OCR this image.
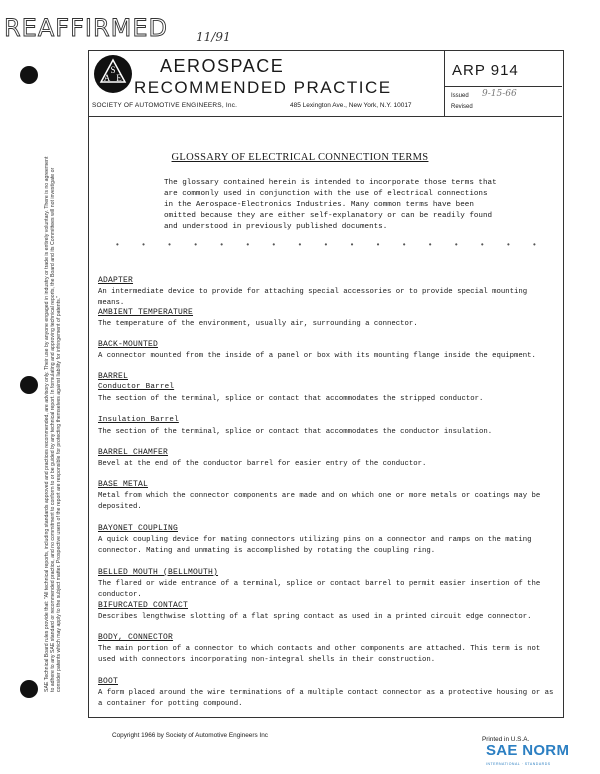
REAFFIRMED 11/91
SAE Technical Board rules provide that: "All technical reports, including standards approved and practices recommended, are advisory only. Their use by anyone engaged in industry or trade is entirely voluntary. There is no agreement to adhere to any SAE standard or recommended practice, and no commitment to conform to or be guided by any technical report. In formulating and approving technical reports, the Board and its Committees will not investigate or consider patents which may apply to the subject matter. Prospective users of the report are responsible for protecting themselves against liability for infringement of patents."
S
A E
AEROSPACE
RECOMMENDED PRACTICE
SOCIETY OF AUTOMOTIVE ENGINEERS, Inc.	485 Lexington Ave., New York, N.Y. 10017
ARP 914
Issued 9-15-66
Revised
GLOSSARY OF ELECTRICAL CONNECTION TERMS
The glossary contained herein is intended to incorporate those terms that are commonly used in conjunction with the use of electrical connections in the Aerospace-Electronics Industries. Many common terms have been omitted because they are either self-explanatory or can be readily found and understood in previously published documents.
•	•	•	•	•	•	•	•	•	•	•	•	•	•	•	•	•
ADAPTER
An intermediate device to provide for attaching special accessories or to provide special mounting means.
AMBIENT TEMPERATURE
The temperature of the environment, usually air, surrounding a connector.
BACK-MOUNTED
A connector mounted from the inside of a panel or box with its mounting flange inside the equipment.
BARREL
Conductor Barrel
The section of the terminal, splice or contact that accommodates the stripped conductor.
Insulation Barrel
The section of the terminal, splice or contact that accommodates the conductor insulation.
BARREL CHAMFER
Bevel at the end of the conductor barrel for easier entry of the conductor.
BASE METAL
Metal from which the connector components are made and on which one or more metals or coatings may be deposited.
BAYONET COUPLING
A quick coupling device for mating connectors utilizing pins on a connector and ramps on the mating connector. Mating and unmating is accomplished by rotating the coupling ring.
BELLED MOUTH (BELLMOUTH)
The flared or wide entrance of a terminal, splice or contact barrel to permit easier insertion of the conductor.
BIFURCATED CONTACT
Describes lengthwise slotting of a flat spring contact as used in a printed circuit edge connector.
BODY, CONNECTOR
The main portion of a connector to which contacts and other components are attached. This term is not used with connectors incorporating non-integral shells in their construction.
BOOT
A form placed around the wire terminations of a multiple contact connector as a protective housing or as a container for potting compound.
Copyright 1966 by Society of Automotive Engineers Inc
Printed in U.S.A.
SAE NORM
INTERNATIONAL · STANDARDS
